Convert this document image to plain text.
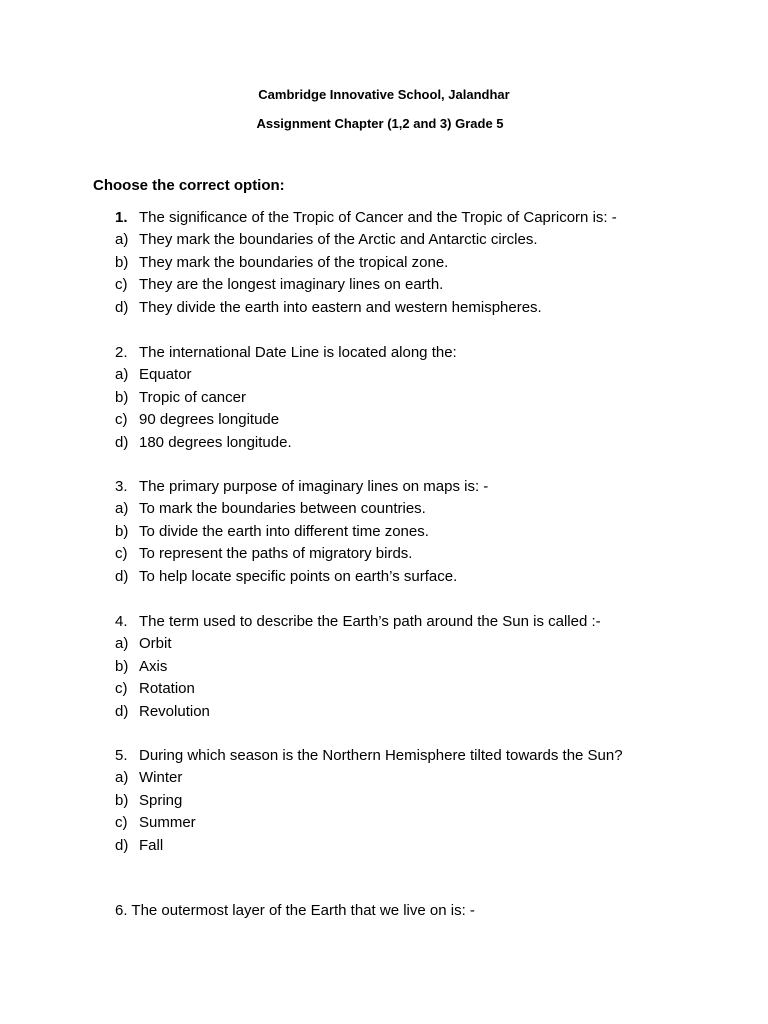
Cambridge Innovative School, Jalandhar
Assignment Chapter (1,2 and 3) Grade 5
Choose the correct option:
1. The significance of the Tropic of Cancer and the Tropic of Capricorn is: -
a) They mark the boundaries of the Arctic and Antarctic circles.
b) They mark the boundaries of the tropical zone.
c) They are the longest imaginary lines on earth.
d) They divide the earth into eastern and western hemispheres.
2. The international Date Line is located along the:
a) Equator
b) Tropic of cancer
c) 90 degrees longitude
d) 180 degrees longitude.
3. The primary purpose of imaginary lines on maps is: -
a) To mark the boundaries between countries.
b) To divide the earth into different time zones.
c) To represent the paths of migratory birds.
d) To help locate specific points on earth’s surface.
4. The term used to describe the Earth’s path around the Sun is called :-
a) Orbit
b) Axis
c) Rotation
d) Revolution
5. During which season is the Northern Hemisphere tilted towards the Sun?
a) Winter
b) Spring
c) Summer
d) Fall
6. The outermost layer of the Earth that we live on is: -
